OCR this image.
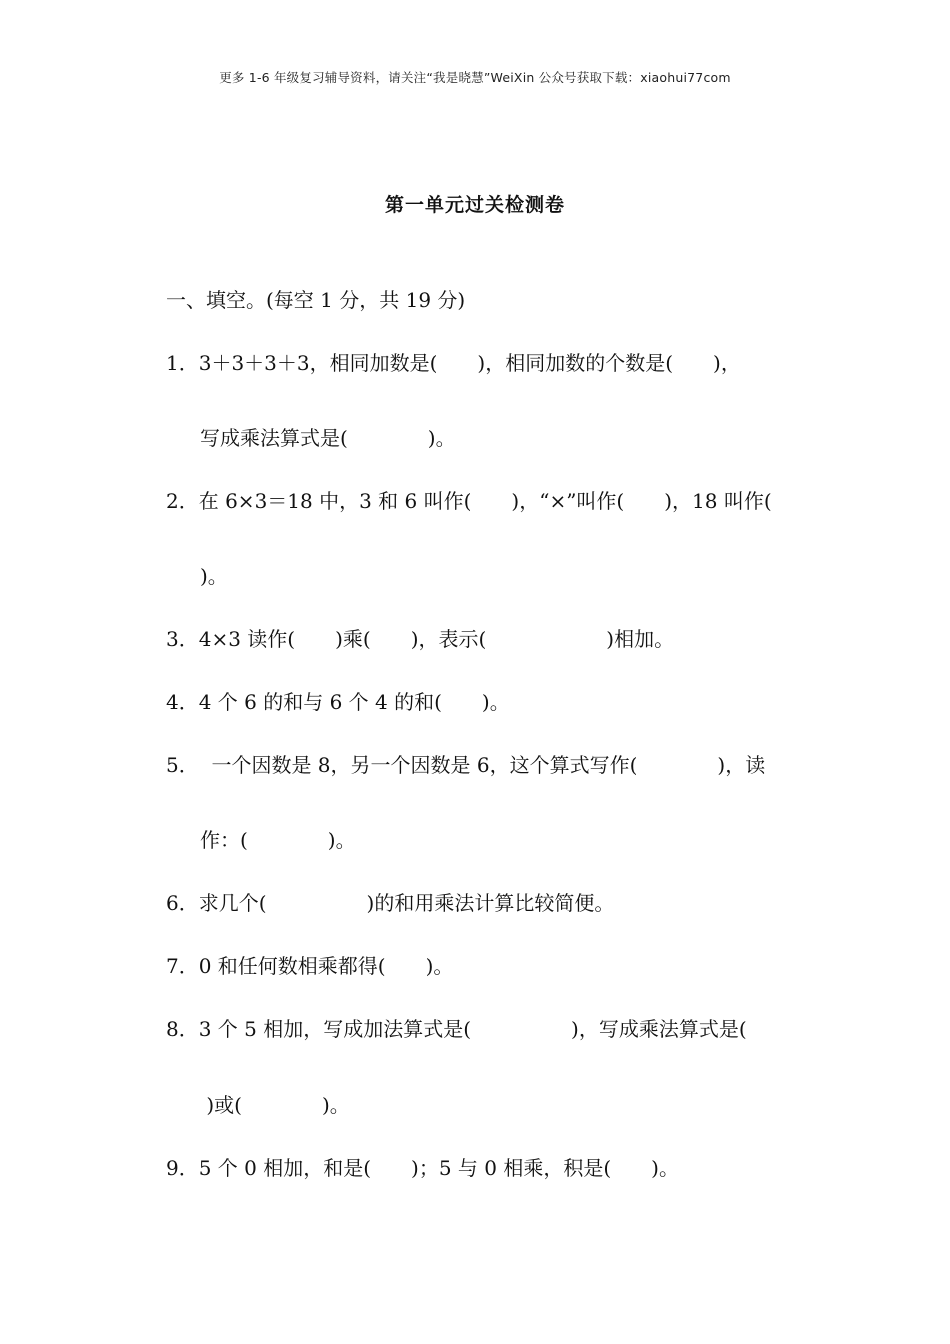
更多 1-6 年级复习辅导资料，请关注“我是晓慧”WeiXin 公众号获取下载：xiaohui77com
第一单元过关检测卷
一、填空。(每空 1 分，共 19 分)
1．3＋3＋3＋3，相同加数是(　　)，相同加数的个数是(　　)，
写成乘法算式是(　　　　)。
2．在 6×3＝18 中，3 和 6 叫作(　　)，“×”叫作(　　)，18 叫作(
)。
3．4×3 读作(　　)乘(　　)，表示(　　　　　　)相加。
4．4 个 6 的和与 6 个 4 的和(　　)。
5．  一个因数是 8，另一个因数是 6，这个算式写作(　　　　)，读
作：(　　　　)。
6．求几个(　　　　　)的和用乘法计算比较简便。
7．0 和任何数相乘都得(　　)。
8．3 个 5 相加，写成加法算式是(　　　　　)，写成乘法算式是(
)或(　　　　)。
9．5 个 0 相加，和是(　　)；5 与 0 相乘，积是(　　)。
